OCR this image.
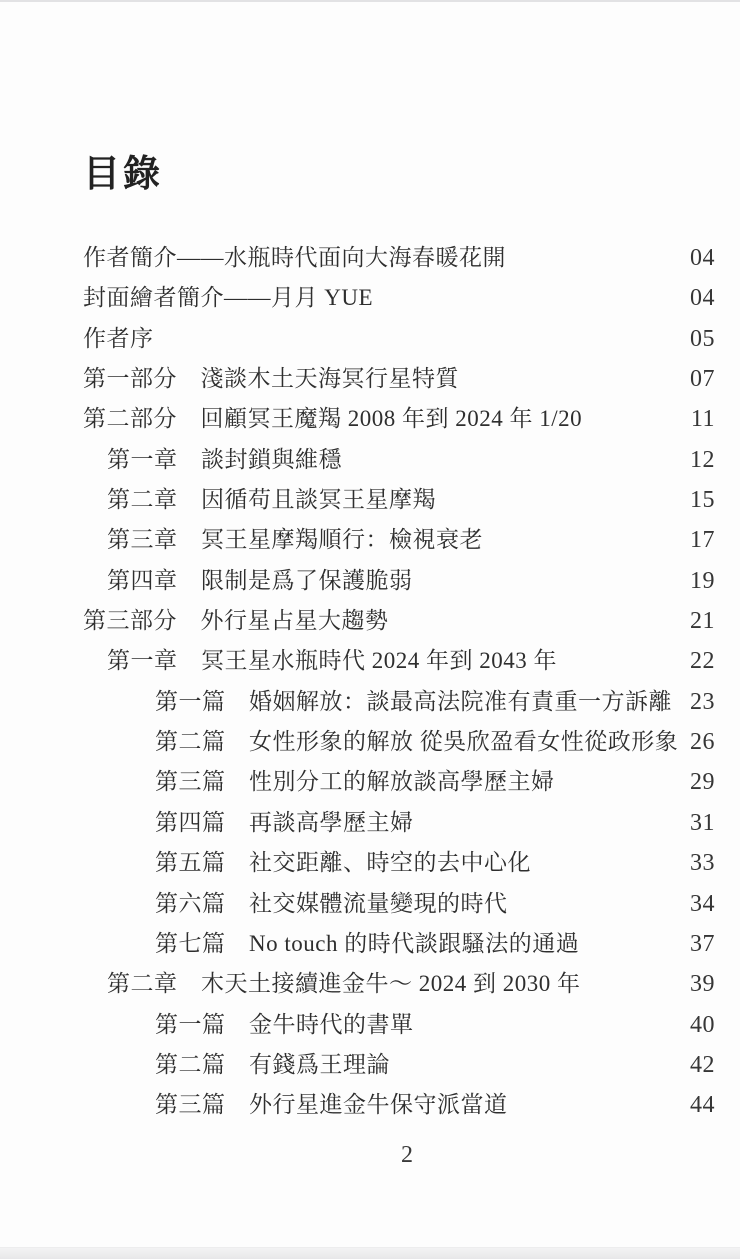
目錄
作者簡介——水瓶時代面向大海春暖花開	04
封面繪者簡介——月月 YUE	04
作者序	05
第一部分　淺談木土天海冥行星特質	07
第二部分　回顧冥王魔羯 2008 年到 2024 年 1/20	11
第一章　談封鎖與維穩	12
第二章　因循苟且談冥王星摩羯	15
第三章　冥王星摩羯順行：檢視衰老	17
第四章　限制是爲了保護脆弱	19
第三部分　外行星占星大趨勢	21
第一章　冥王星水瓶時代 2024 年到 2043 年	22
第一篇　婚姻解放：談最高法院准有責重一方訴離 23
第二篇　女性形象的解放 從吳欣盈看女性從政形象 26
第三篇　性別分工的解放談高學歷主婦	29
第四篇　再談高學歷主婦	31
第五篇　社交距離、時空的去中心化	33
第六篇　社交媒體流量變現的時代	34
第七篇　No touch 的時代談跟騷法的通過	37
第二章　木天土接續進金牛～ 2024 到 2030 年	39
第一篇　金牛時代的書單	40
第二篇　有錢爲王理論	42
第三篇　外行星進金牛保守派當道	44
2
